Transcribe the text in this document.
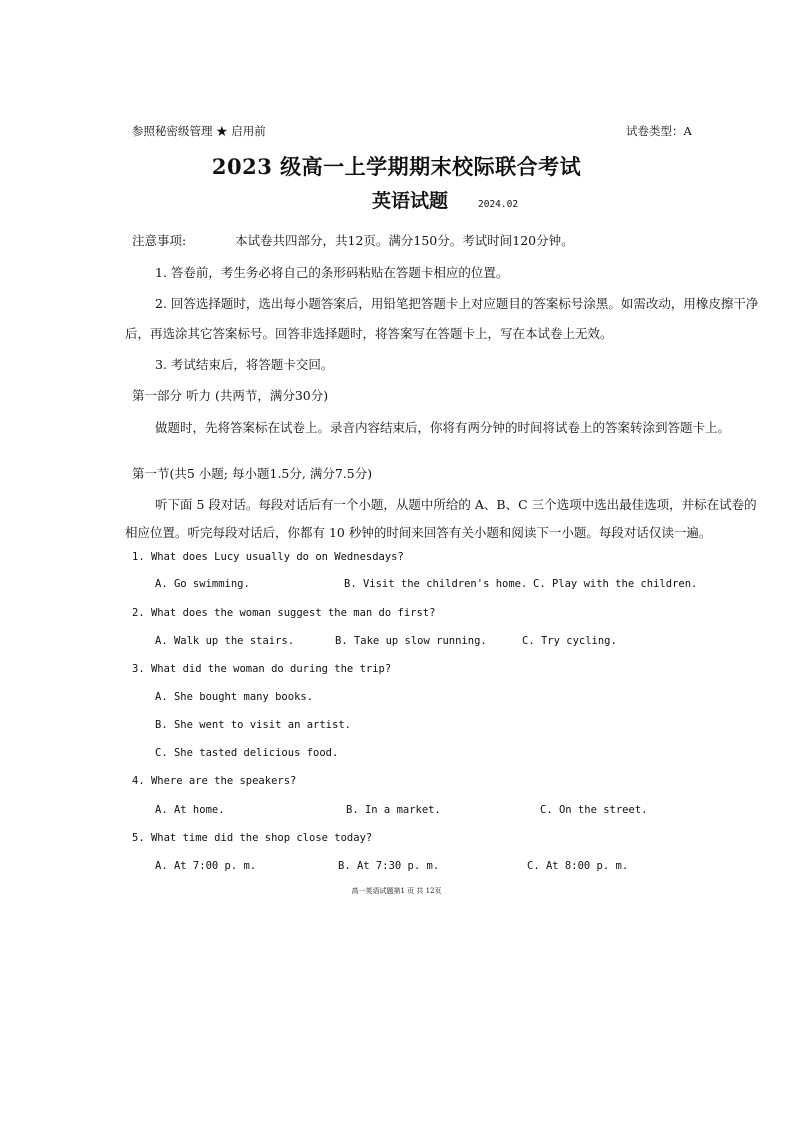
参照秘密级管理 ★ 启用前	试卷类型：A
2023 级高一上学期期末校际联合考试
英语试题	2024.02
注意事项:	本试卷共四部分，共12页。满分150分。考试时间120分钟。
1. 答卷前，考生务必将自己的条形码粘贴在答题卡相应的位置。
2. 回答选择题时，选出每小题答案后，用铅笔把答题卡上对应题目的答案标号涂黑。如需改动，用橡皮擦干净
后，再选涂其它答案标号。回答非选择题时，将答案写在答题卡上，写在本试卷上无效。
3. 考试结束后，将答题卡交回。
第一部分 听力 (共两节，满分30分)
做题时，先将答案标在试卷上。录音内容结束后，你将有两分钟的时间将试卷上的答案转涂到答题卡上。
第一节(共5 小题; 每小题1.5分, 满分7.5分)
听下面 5 段对话。每段对话后有一个小题，从题中所给的 A、B、C 三个选项中选出最佳选项，并标在试卷的
相应位置。听完每段对话后，你都有 10 秒钟的时间来回答有关小题和阅读下一小题。每段对话仅读一遍。
1. What does Lucy usually do on Wednesdays?
A. Go swimming.	B. Visit the children's home. C. Play with the children.
2. What does the woman suggest the man do first?
A. Walk up the stairs.	B. Take up slow running.	C. Try cycling.
3. What did the woman do during the trip?
A. She bought many books.
B. She went to visit an artist.
C. She tasted delicious food.
4. Where are the speakers?
A. At home.	B. In a market.	C. On the street.
5. What time did the shop close today?
A. At 7:00 p. m.	B. At 7:30 p. m.	C. At 8:00 p. m.
高一英语试题第1 页 共 12页
